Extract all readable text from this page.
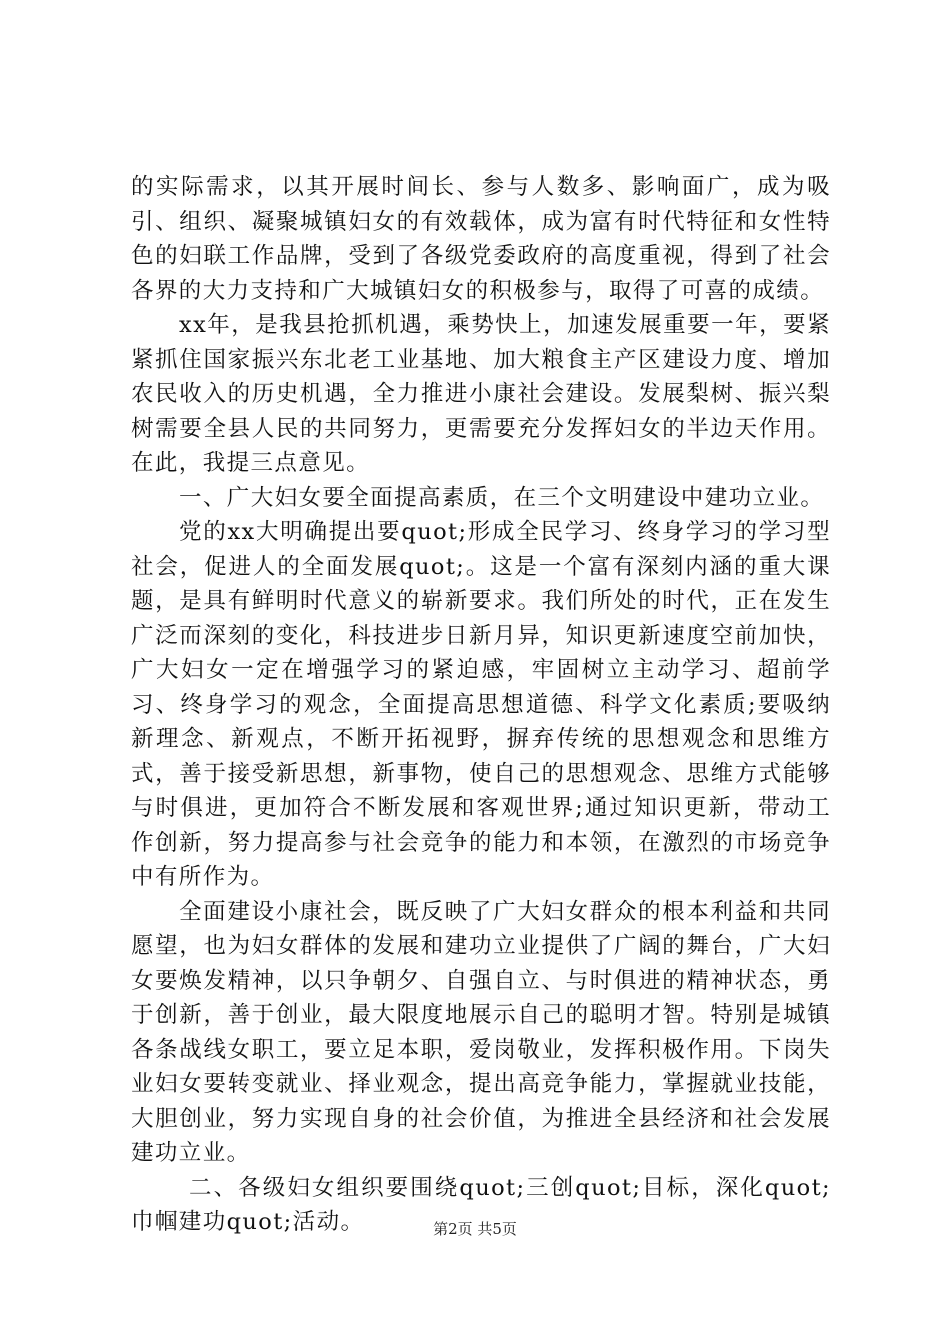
的实际需求，以其开展时间长、参与人数多、影响面广，成为吸引、组织、凝聚城镇妇女的有效载体，成为富有时代特征和女性特色的妇联工作品牌，受到了各级党委政府的高度重视，得到了社会各界的大力支持和广大城镇妇女的积极参与，取得了可喜的成绩。

xx年，是我县抢抓机遇，乘势快上，加速发展重要一年，要紧紧抓住国家振兴东北老工业基地、加大粮食主产区建设力度、增加农民收入的历史机遇，全力推进小康社会建设。发展梨树、振兴梨树需要全县人民的共同努力，更需要充分发挥妇女的半边天作用。在此，我提三点意见。

一、广大妇女要全面提高素质，在三个文明建设中建功立业。

党的xx大明确提出要quot;形成全民学习、终身学习的学习型社会，促进人的全面发展quot;。这是一个富有深刻内涵的重大课题，是具有鲜明时代意义的崭新要求。我们所处的时代，正在发生广泛而深刻的变化，科技进步日新月异，知识更新速度空前加快，广大妇女一定在增强学习的紧迫感，牢固树立主动学习、超前学习、终身学习的观念，全面提高思想道德、科学文化素质;要吸纳新理念、新观点，不断开拓视野，摒弃传统的思想观念和思维方式，善于接受新思想，新事物，使自己的思想观念、思维方式能够与时俱进，更加符合不断发展和客观世界;通过知识更新，带动工作创新，努力提高参与社会竞争的能力和本领，在激烈的市场竞争中有所作为。

全面建设小康社会，既反映了广大妇女群众的根本利益和共同愿望，也为妇女群体的发展和建功立业提供了广阔的舞台，广大妇女要焕发精神，以只争朝夕、自强自立、与时俱进的精神状态，勇于创新，善于创业，最大限度地展示自己的聪明才智。特别是城镇各条战线女职工，要立足本职，爱岗敬业，发挥积极作用。下岗失业妇女要转变就业、择业观念，提出高竞争能力，掌握就业技能，大胆创业，努力实现自身的社会价值，为推进全县经济和社会发展建功立业。

二、各级妇女组织要围绕quot;三创quot;目标，深化quot;巾帼建功quot;活动。	第2页 共5页
